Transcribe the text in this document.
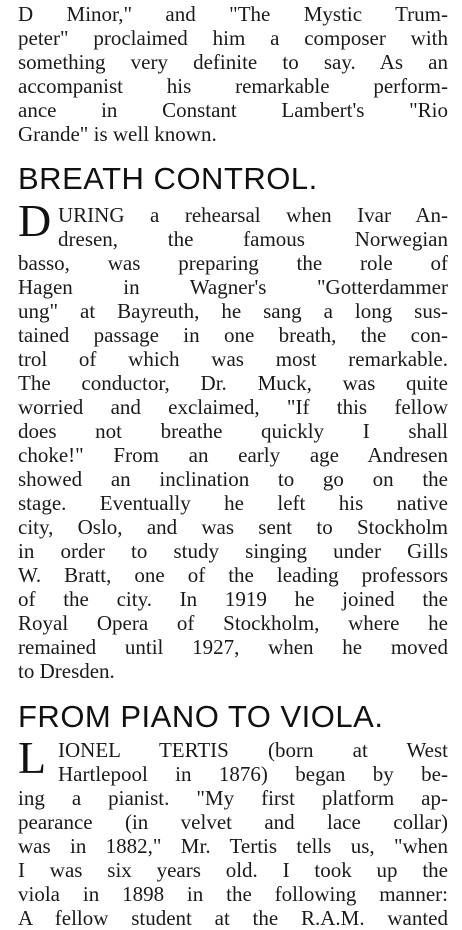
D Minor," and "The Mystic Trum-
peter" proclaimed him a composer with
something very definite to say. As an
accompanist his remarkable perform-
ance in Constant Lambert's "Rio
Grande" is well known.
BREATH CONTROL.
D URING a rehearsal when Ivar An-
dresen, the famous Norwegian
basso, was preparing the role of
Hagen in Wagner's "Gotterdammer
ung" at Bayreuth, he sang a long sus-
tained passage in one breath, the con-
trol of which was most remarkable.
The conductor, Dr. Muck, was quite
worried and exclaimed, "If this fellow
does not breathe quickly I shall
choke!" From an early age Andresen
showed an inclination to go on the
stage. Eventually he left his native
city, Oslo, and was sent to Stockholm
in order to study singing under Gills
W. Bratt, one of the leading professors
of the city. In 1919 he joined the
Royal Opera of Stockholm, where he
remained until 1927, when he moved
to Dresden.
FROM PIANO TO VIOLA.
L IONEL TERTIS (born at West
Hartlepool in 1876) began by be-
ing a pianist. "My first platform ap-
pearance (in velvet and lace collar)
was in 1882," Mr. Tertis tells us, "when
I was six years old. I took up the
viola in 1898 in the following manner:
A fellow student at the R.A.M. wanted
